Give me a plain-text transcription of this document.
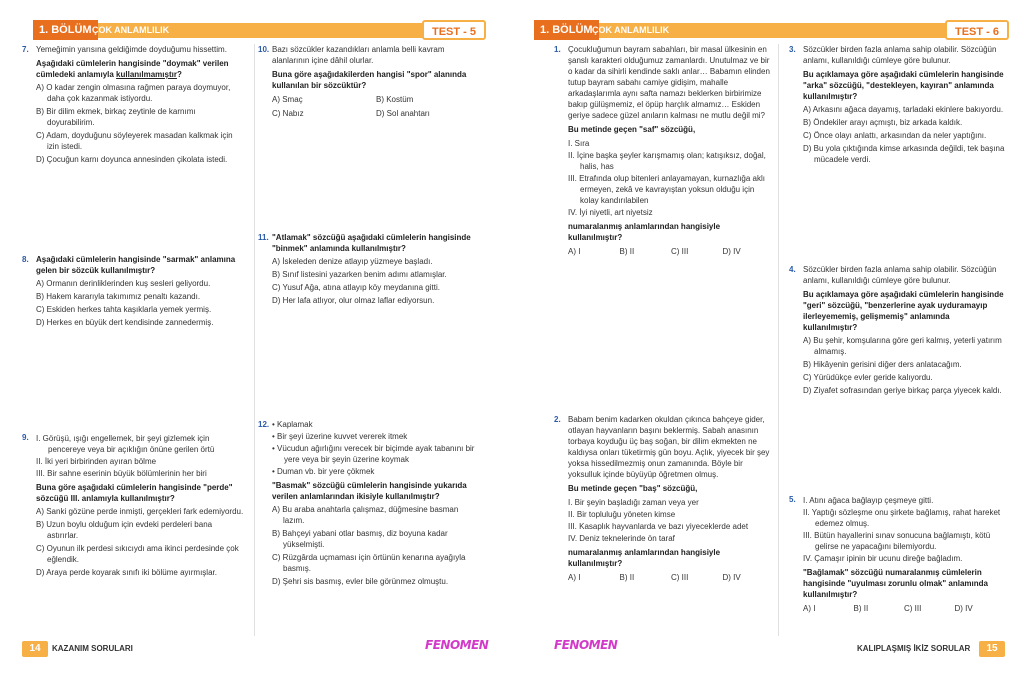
1. BÖLÜM ÇOK ANLAMLILIK	TEST - 5
7. Yemeğimin yarısına geldiğimde doyduğumu hissettim.
Aşağıdaki cümlelerin hangisinde "doymak" verilen cümledeki anlamıyla kullanılmamıştır?
A) O kadar zengin olmasına rağmen paraya doymuyor, daha çok kazanmak istiyordu.
B) Bir dilim ekmek, birkaç zeytinle de karnımı doyurabilirim.
C) Adam, doyduğunu söyleyerek masadan kalkmak için izin istedi.
D) Çocuğun karnı doyunca annesinden çikolata istedi.
8. Aşağıdaki cümlelerin hangisinde "sarmak" anlamına gelen bir sözcük kullanılmıştır?
A) Ormanın derinliklerinden kuş sesleri geliyordu.
B) Hakem kararıyla takımımız penaltı kazandı.
C) Eskiden herkes tahta kaşıklarla yemek yermiş.
D) Herkes en büyük dert kendisinde zannedermiş.
9. I. Görüşü, ışığı engellemek, bir şeyi gizlemek için pencereye veya bir açıklığın önüne gerilen örtü
II. İki yeri birbirinden ayıran bölme
III. Bir sahne eserinin büyük bölümlerinin her biri
Buna göre aşağıdaki cümlelerin hangisinde "perde" sözcüğü III. anlamıyla kullanılmıştır?
A) Sanki gözüne perde inmişti, gerçekleri fark edemiyordu.
B) Uzun boylu olduğum için evdeki perdeleri bana astırırlar.
C) Oyunun ilk perdesi sıkıcıydı ama ikinci perdesinde çok eğlendik.
D) Araya perde koyarak sınıfı iki bölüme ayırmışlar.
10. Bazı sözcükler kazandıkları anlamla belli kavram alanlarının içine dâhil olurlar.
Buna göre aşağıdakilerden hangisi "spor" alanında kullanılan bir sözcüktür?
A) Smaç	B) Kostüm
C) Nabız	D) Sol anahtarı
11. "Atlamak" sözcüğü aşağıdaki cümlelerin hangisinde "binmek" anlamında kullanılmıştır?
A) İskeleden denize atlayıp yüzmeye başladı.
B) Sınıf listesini yazarken benim adımı atlamışlar.
C) Yusuf Ağa, atına atlayıp köy meydanına gitti.
D) Her lafa atlıyor, olur olmaz laflar ediyorsun.
12.
• Kaplamak
• Bir şeyi üzerine kuvvet vererek itmek
• Vücudun ağırlığını verecek bir biçimde ayak tabanını bir yere veya bir şeyin üzerine koymak
• Duman vb. bir yere çökmek
"Basmak" sözcüğü cümlelerin hangisinde yukarıda verilen anlamlarından ikisiyle kullanılmıştır?
A) Bu araba anahtarla çalışmaz, düğmesine basman lazım.
B) Bahçeyi yabani otlar basmış, diz boyuna kadar yükselmişti.
C) Rüzgârda uçmaması için örtünün kenarına ayağıyla basmış.
D) Şehri sis basmış, evler bile görünmez olmuştu.
14	KAZANIM SORULARI	FENOMEN
1. BÖLÜM ÇOK ANLAMLILIK	TEST - 6
1. Çocukluğumun bayram sabahları, bir masal ülkesinin en şanslı karakteri olduğumuz zamanlardı. Unutulmaz ve bir o kadar da sihirli kendinde saklı anlar… Babamın elinden tutup bayram sabahı camiye gidişim, mahalle arkadaşlarımla aynı safta namazı beklerken birbirimize bakıp gülüşmemiz, el öpüp harçlık almamız… Eskiden geriye sadece güzel anıların kalması ne mutlu değil mi?
Bu metinde geçen "saf" sözcüğü,
I. Sıra
II. İçine başka şeyler karışmamış olan; katışıksız, doğal, halis, has
III. Etrafında olup bitenleri anlayamayan, kurnazlığa aklı ermeyen, zekâ ve kavrayıştan yoksun olduğu için kolay kandırılabilen
IV. İyi niyetli, art niyetsiz
numaralanmış anlamlarından hangisiyle kullanılmıştır?
A) I	B) II	C) III	D) IV
2. Babam benim kadarken okuldan çıkınca bahçeye gider, otlayan hayvanların başını beklermiş. Sabah anasının torbaya koyduğu üç baş soğan, bir dilim ekmekten ne kaldıysa onları tüketirmiş gün boyu. Açlık, yiyecek bir şey yoksa hissedilmezmiş onun zamanında. Böyle bir yoksulluk içinde büyüyüp öğretmen olmuş.
Bu metinde geçen "baş" sözcüğü,
I. Bir şeyin başladığı zaman veya yer
II. Bir topluluğu yöneten kimse
III. Kasaplık hayvanlarda ve bazı yiyeceklerde adet
IV. Deniz teknelerinde ön taraf
numaralanmış anlamlarından hangisiyle kullanılmıştır?
A) I	B) II	C) III	D) IV
3. Sözcükler birden fazla anlama sahip olabilir. Sözcüğün anlamı, kullanıldığı cümleye göre bulunur.
Bu açıklamaya göre aşağıdaki cümlelerin hangisinde "arka" sözcüğü, "destekleyen, kayıran" anlamında kullanılmıştır?
A) Arkasını ağaca dayamış, tarladaki ekinlere bakıyordu.
B) Öndekiler arayı açmıştı, biz arkada kaldık.
C) Önce olayı anlattı, arkasından da neler yaptığını.
D) Bu yola çıktığında kimse arkasında değildi, tek başına mücadele verdi.
4. Sözcükler birden fazla anlama sahip olabilir. Sözcüğün anlamı, kullanıldığı cümleye göre bulunur.
Bu açıklamaya göre aşağıdaki cümlelerin hangisinde "geri" sözcüğü, "benzerlerine ayak uyduramayıp ilerleyememiş, gelişmemiş" anlamında kullanılmıştır?
A) Bu şehir, komşularına göre geri kalmış, yeterli yatırım almamış.
B) Hikâyenin gerisini diğer ders anlatacağım.
C) Yürüdükçe evler geride kalıyordu.
D) Ziyafet sofrasından geriye birkaç parça yiyecek kaldı.
5. I. Atını ağaca bağlayıp çeşmeye gitti.
II. Yaptığı sözleşme onu şirkete bağlamış, rahat hareket edemez olmuş.
III. Bütün hayallerini sınav sonucuna bağlamıştı, kötü gelirse ne yapacağını bilemiyordu.
IV. Çamaşır ipinin bir ucunu direğe bağladım.
"Bağlamak" sözcüğü numaralanmış cümlelerin hangisinde "uyulması zorunlu olmak" anlamında kullanılmıştır?
A) I	B) II	C) III	D) IV
FENOMEN	KALIPLAŞMIŞ İKİZ SORULAR	15
